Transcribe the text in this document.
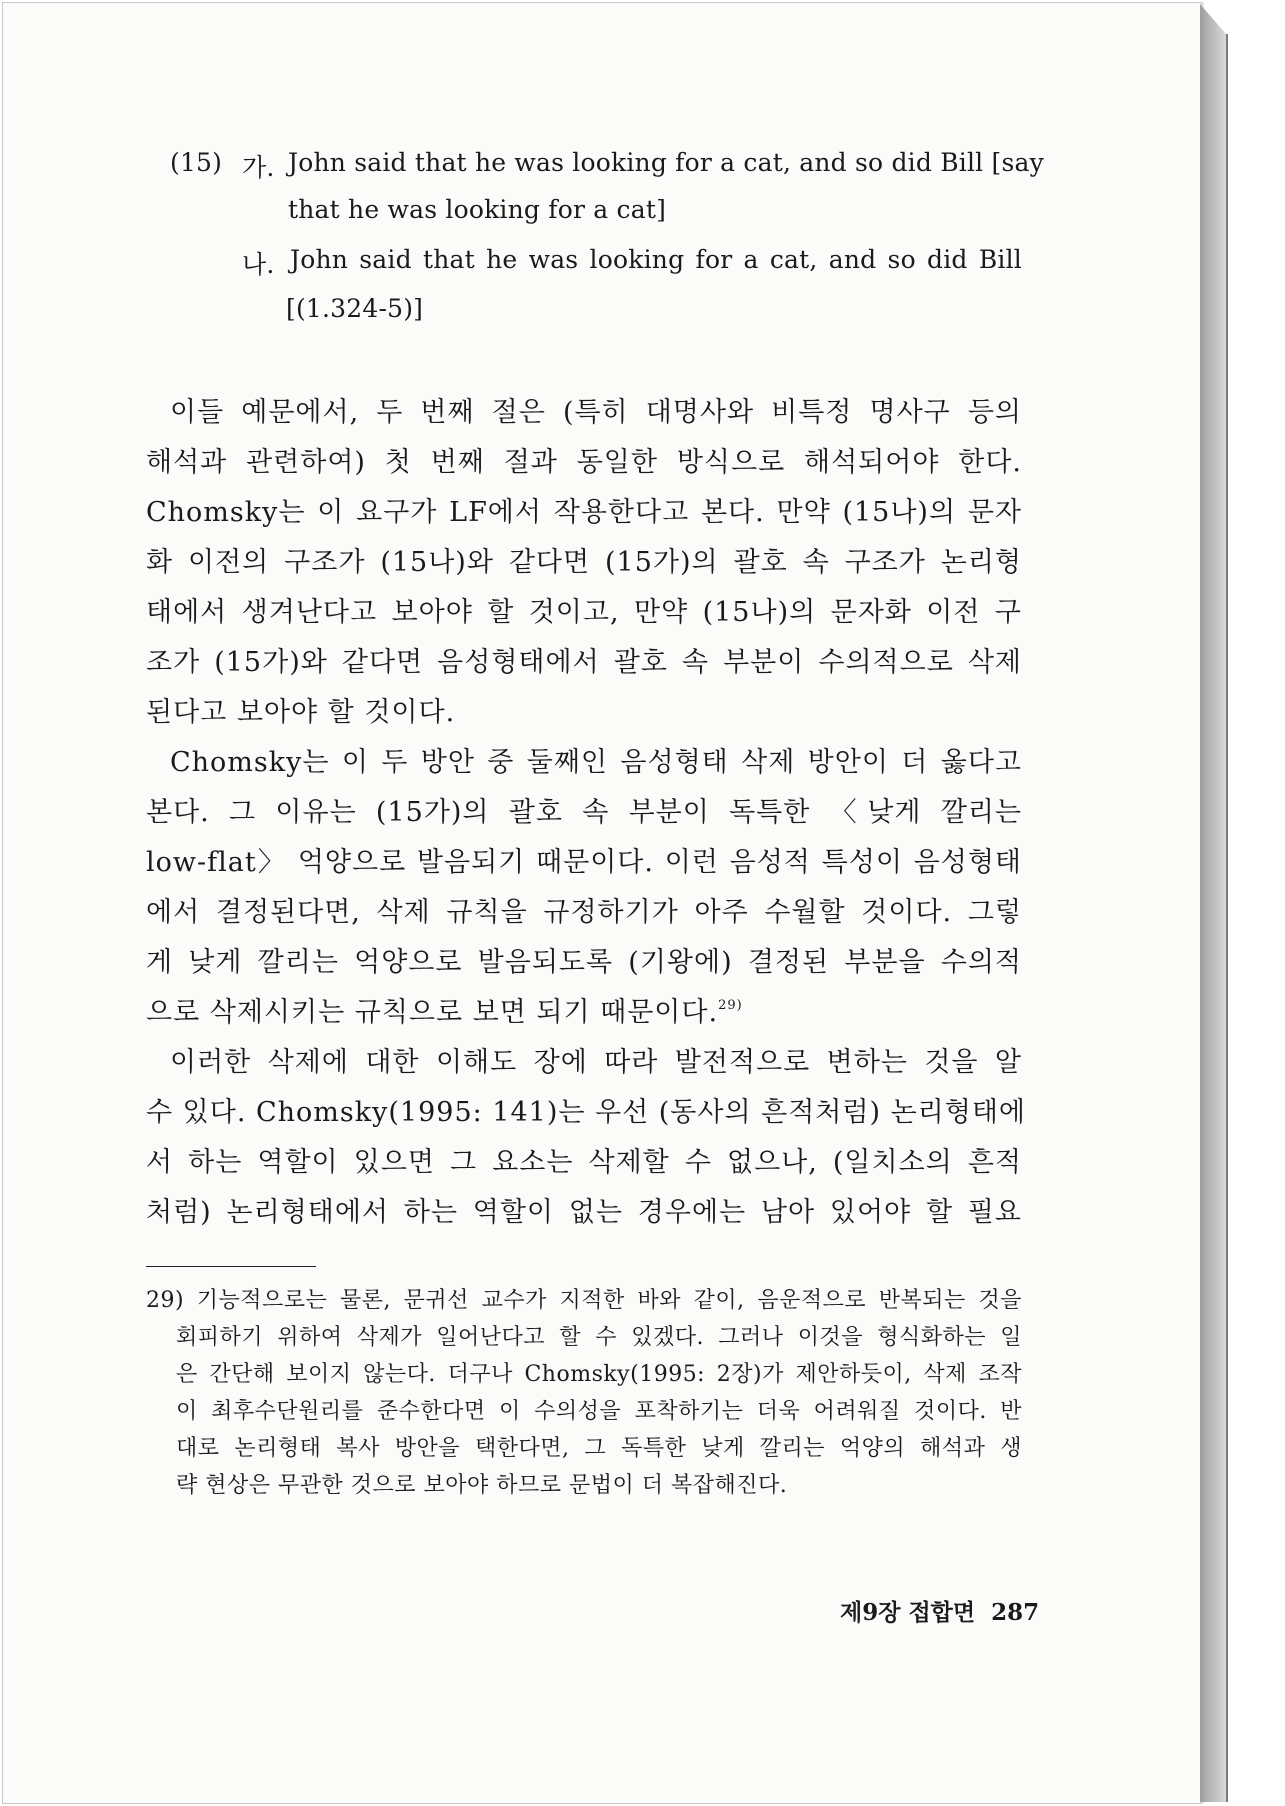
(15) 가. John said that he was looking for a cat, and so did Bill [say
that he was looking for a cat]
나. John said that he was looking for a cat, and so did Bill
[(1.324-5)]
이들 예문에서, 두 번째 절은 (특히 대명사와 비특정 명사구 등의
해석과 관련하여) 첫 번째 절과 동일한 방식으로 해석되어야 한다.
Chomsky는 이 요구가 LF에서 작용한다고 본다. 만약 (15나)의 문자
화 이전의 구조가 (15나)와 같다면 (15가)의 괄호 속 구조가 논리형
태에서 생겨난다고 보아야 할 것이고, 만약 (15나)의 문자화 이전 구
조가 (15가)와 같다면 음성형태에서 괄호 속 부분이 수의적으로 삭제
된다고 보아야 할 것이다.
Chomsky는 이 두 방안 중 둘째인 음성형태 삭제 방안이 더 옳다고
본다. 그 이유는 (15가)의 괄호 속 부분이 독특한 〈낮게 깔리는
low-flat〉 억양으로 발음되기 때문이다. 이런 음성적 특성이 음성형태
에서 결정된다면, 삭제 규칙을 규정하기가 아주 수월할 것이다. 그렇
게 낮게 깔리는 억양으로 발음되도록 (기왕에) 결정된 부분을 수의적
으로 삭제시키는 규칙으로 보면 되기 때문이다.$^{29)}$
이러한 삭제에 대한 이해도 장에 따라 발전적으로 변하는 것을 알
수 있다. Chomsky(1995: 141)는 우선 (동사의 흔적처럼) 논리형태에
서 하는 역할이 있으면 그 요소는 삭제할 수 없으나, (일치소의 흔적
처럼) 논리형태에서 하는 역할이 없는 경우에는 남아 있어야 할 필요
29) 기능적으로는 물론, 문귀선 교수가 지적한 바와 같이, 음운적으로 반복되는 것을
회피하기 위하여 삭제가 일어난다고 할 수 있겠다. 그러나 이것을 형식화하는 일
은 간단해 보이지 않는다. 더구나 Chomsky(1995: 2장)가 제안하듯이, 삭제 조작
이 최후수단원리를 준수한다면 이 수의성을 포착하기는 더욱 어려워질 것이다. 반
대로 논리형태 복사 방안을 택한다면, 그 독특한 낮게 깔리는 억양의 해석과 생
략 현상은 무관한 것으로 보아야 하므로 문법이 더 복잡해진다.
제9장 접합면 287
